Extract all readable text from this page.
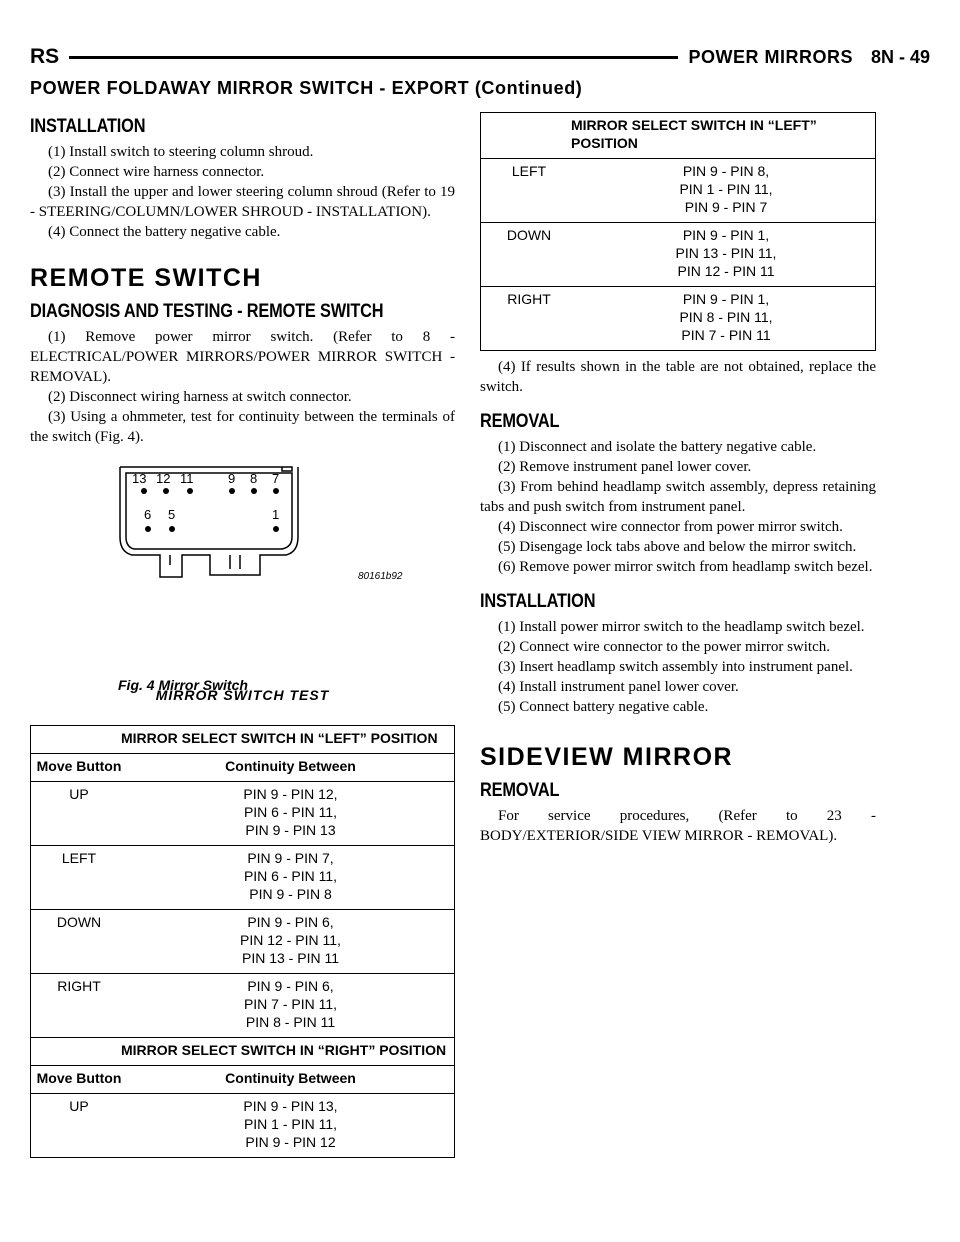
RS	POWER MIRRORS 8N - 49
POWER FOLDAWAY MIRROR SWITCH - EXPORT (Continued)
INSTALLATION

(1) Install switch to steering column shroud.

(2) Connect wire harness connector.

(3) Install the upper and lower steering column shroud (Refer to 19 - STEERING/COLUMN/LOWER SHROUD - INSTALLATION).

(4) Connect the battery negative cable.

REMOTE SWITCH
DIAGNOSIS AND TESTING - REMOTE SWITCH

(1) Remove power mirror switch. (Refer to 8 - ELECTRICAL/POWER MIRRORS/POWER MIRROR SWITCH - REMOVAL).

(2) Disconnect wiring harness at switch connector.

(3) Using a ohmmeter, test for continuity between the terminals of the switch (Fig. 4).

13 12 11	9 8 7
6 5	1
80161b92
Fig. 4 Mirror Switch
MIRROR SWITCH TEST
MIRROR SELECT SWITCH IN “LEFT” POSITION	
Move Button	Continuity Between
UP	PIN 9 - PIN 12,
PIN 6 - PIN 11,
PIN 9 - PIN 13

LEFT	PIN 9 - PIN 7,
PIN 6 - PIN 11,
PIN 9 - PIN 8

DOWN	PIN 9 - PIN 6,
PIN 12 - PIN 11,
PIN 13 - PIN 11

RIGHT	PIN 9 - PIN 6,
PIN 7 - PIN 11,
PIN 8 - PIN 11

MIRROR SELECT SWITCH IN “RIGHT” POSITION	
Move Button	Continuity Between
UP	PIN 9 - PIN 13,
PIN 1 - PIN 11,
PIN 9 - PIN 12
MIRROR SELECT SWITCH IN “LEFT” POSITION	
LEFT	PIN 9 - PIN 8,
PIN 1 - PIN 11,
PIN 9 - PIN 7

DOWN	PIN 9 - PIN 1,
PIN 13 - PIN 11,
PIN 12 - PIN 11

RIGHT	PIN 9 - PIN 1,
PIN 8 - PIN 11,
PIN 7 - PIN 11

(4) If results shown in the table are not obtained, replace the switch.

REMOVAL

(1) Disconnect and isolate the battery negative cable.

(2) Remove instrument panel lower cover.

(3) From behind headlamp switch assembly, depress retaining tabs and push switch from instrument panel.

(4) Disconnect wire connector from power mirror switch.

(5) Disengage lock tabs above and below the mirror switch.

(6) Remove power mirror switch from headlamp switch bezel.

INSTALLATION

(1) Install power mirror switch to the headlamp switch bezel.

(2) Connect wire connector to the power mirror switch.

(3) Insert headlamp switch assembly into instrument panel.

(4) Install instrument panel lower cover.

(5) Connect battery negative cable.

SIDEVIEW MIRROR
REMOVAL

For service procedures, (Refer to 23 - BODY/EXTERIOR/SIDE VIEW MIRROR - REMOVAL).
